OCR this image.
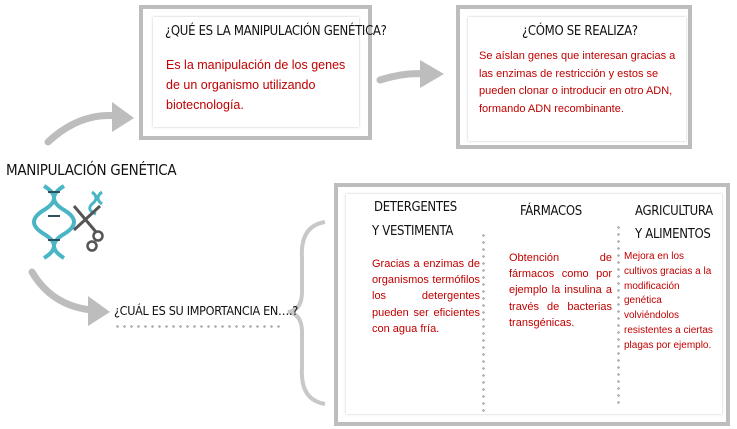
MANIPULACIÓN GENÉTICA
¿QUÉ ES LA MANIPULACIÓN GENÉTICA?
Es la manipulación de los genes de un organismo utilizando biotecnología.
¿CÓMO SE REALIZA?
Se aíslan genes que interesan gracias a las enzimas de restricción y estos se pueden clonar o introducir en otro ADN, formando ADN recombinante.
¿CUÁL ES SU IMPORTANCIA EN….?
DETERGENTES
Y VESTIMENTA
Gracias a enzimas de organismos termófilos los detergentes pueden ser eficientes con agua fría.
FÁRMACOS
Obtención de fármacos como por ejemplo la insulina a través de bacterias transgénicas.
AGRICULTURA
Y ALIMENTOS
Mejora en los cultivos gracias a la modificación genética volviéndolos resistentes a ciertas plagas por ejemplo.
